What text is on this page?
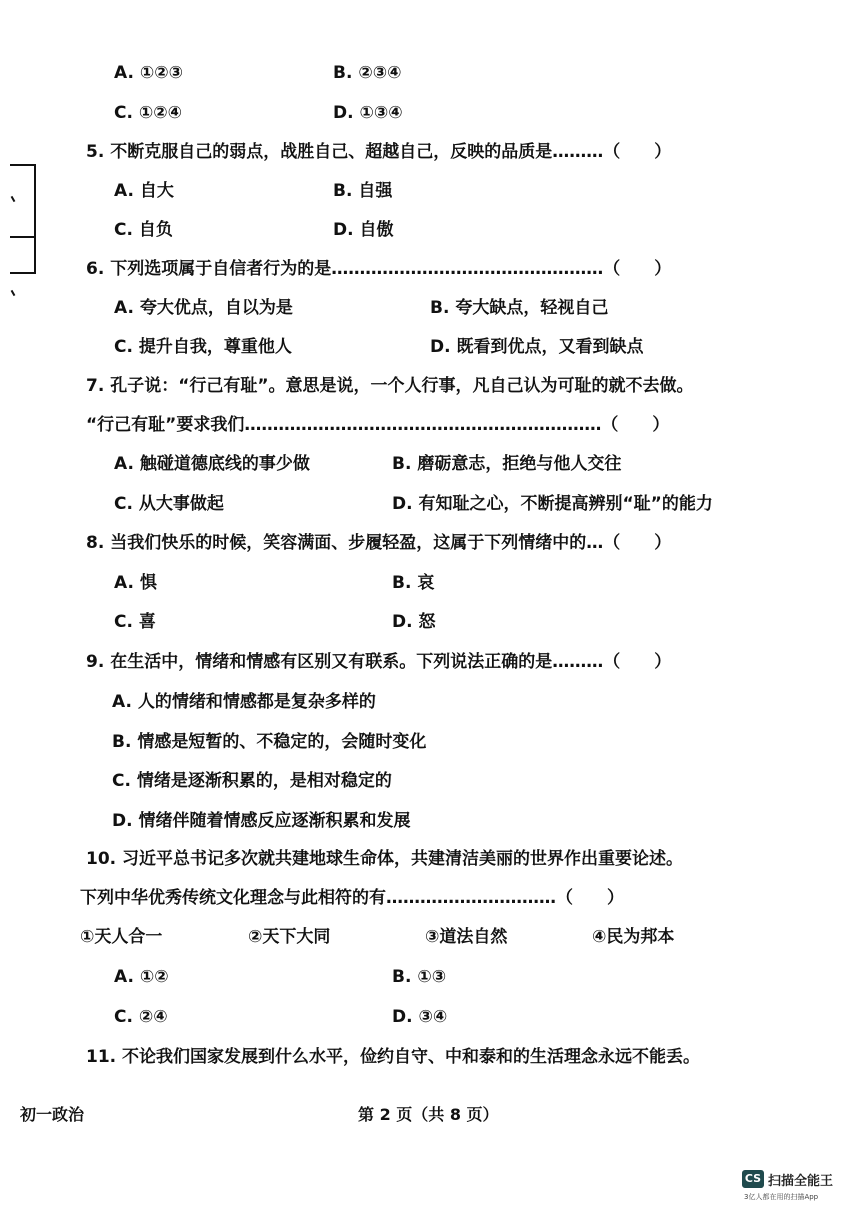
A. ①②③	B. ②③④
C. ①②④	D. ①③④
5. 不断克服自己的弱点，战胜自己、超越自己，反映的品质是………（　　）
A. 自大	B. 自强
C. 自负	D. 自傲
6. 下列选项属于自信者行为的是…………………………………………（　　）
A. 夸大优点，自以为是	B. 夸大缺点，轻视自己
C. 提升自我，尊重他人	D. 既看到优点，又看到缺点
7. 孔子说：“行己有耻”。意思是说，一个人行事，凡自己认为可耻的就不去做。
“行己有耻”要求我们………………………………………………………（　　）
A. 触碰道德底线的事少做	B. 磨砺意志，拒绝与他人交往
C. 从大事做起	D. 有知耻之心，不断提高辨别“耻”的能力
8. 当我们快乐的时候，笑容满面、步履轻盈，这属于下列情绪中的…（　　）
A. 惧	B. 哀
C. 喜	D. 怒
9. 在生活中，情绪和情感有区别又有联系。下列说法正确的是………（　　）
A. 人的情绪和情感都是复杂多样的
B. 情感是短暂的、不稳定的，会随时变化
C. 情绪是逐渐积累的，是相对稳定的
D. 情绪伴随着情感反应逐渐积累和发展
10. 习近平总书记多次就共建地球生命体，共建清洁美丽的世界作出重要论述。
下列中华优秀传统文化理念与此相符的有…………………………（　　）
①天人合一	②天下大同	③道法自然	④民为邦本
A. ①②	B. ①③
C. ②④	D. ③④
11. 不论我们国家发展到什么水平，俭约自守、中和泰和的生活理念永远不能丢。
初一政治	第 2 页（共 8 页）
CS 扫描全能王
3亿人都在用的扫描App
